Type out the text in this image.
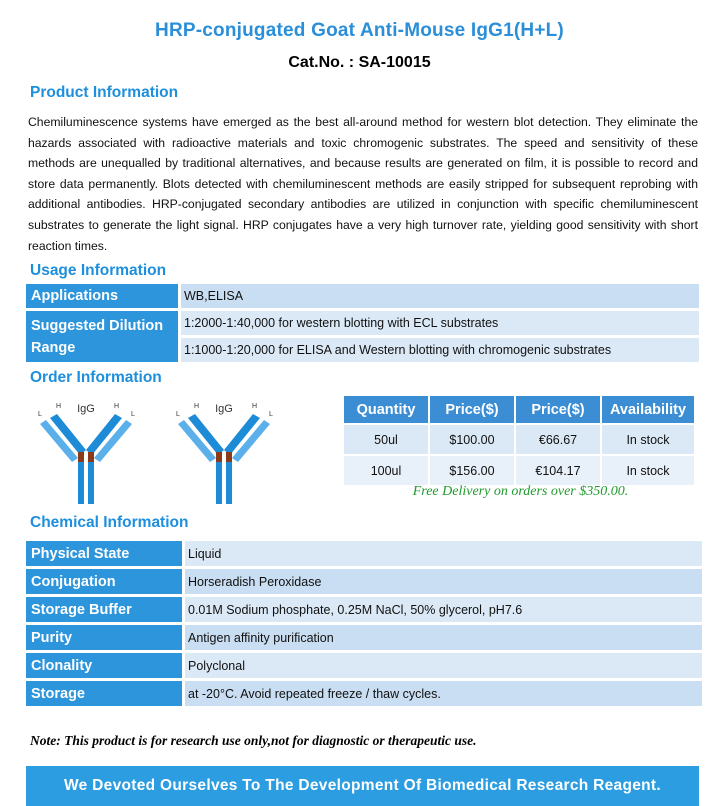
HRP-conjugated Goat Anti-Mouse IgG1(H+L)
Cat.No. : SA-10015
Product Information
Chemiluminescence systems have emerged as the best all-around method for western blot detection. They eliminate the hazards associated with radioactive materials and toxic chromogenic substrates. The speed and sensitivity of these methods are unequalled by traditional alternatives, and because results are generated on film, it is possible to record and store data permanently. Blots detected with chemiluminescent methods are easily stripped for subsequent reprobing with additional antibodies. HRP-conjugated secondary antibodies are utilized in conjunction with specific chemiluminescent substrates to generate the light signal. HRP conjugates have a very high turnover rate, yielding good sensitivity with short reaction times.
Usage Information
Applications	WB,ELISA
Suggested Dilution Range
1:2000-1:40,000 for western blotting with ECL substrates
1:1000-1:20,000 for ELISA and Western blotting with chromogenic substrates
Order Information
IgG
H	H
L	L	IgG
H	H
L	L	Quantity	Price($)	Price($)	Availability
50ul	$100.00	€66.67	In stock
100ul	$156.00	€104.17	In stock
Free Delivery on orders over $350.00.
Chemical Information
Physical State	Liquid
Conjugation	Horseradish Peroxidase
Storage Buffer	0.01M Sodium phosphate, 0.25M NaCl, 50% glycerol, pH7.6
Purity	Antigen affinity purification
Clonality	Polyclonal
Storage	at -20°C. Avoid repeated freeze / thaw cycles.
Note: This product is for research use only,not for diagnostic or therapeutic use.
We Devoted Ourselves To The Development Of Biomedical Research Reagent.
